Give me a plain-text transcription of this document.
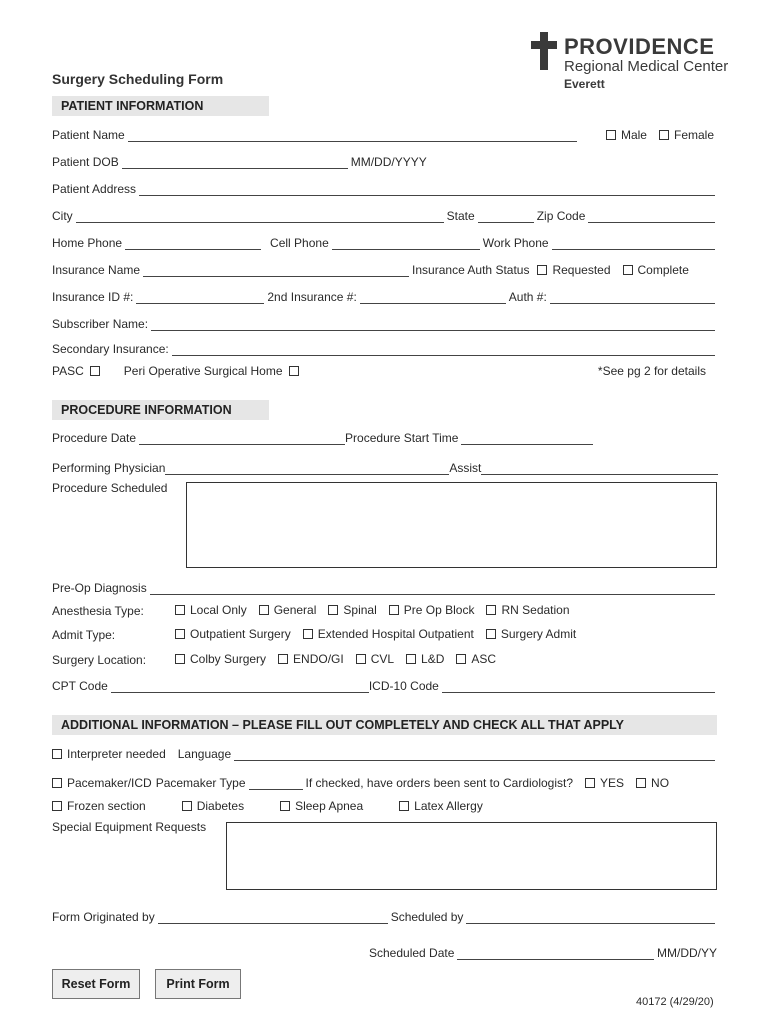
PROVIDENCE
Regional Medical Center
Everett
Surgery Scheduling Form
PATIENT INFORMATION
Patient Name	Male	Female
Patient DOB	MM/DD/YYYY
Patient Address
City	State	Zip Code
Home Phone	Cell Phone	Work Phone
Insurance Name	Insurance Auth Status	Requested	Complete
Insurance ID #:	2nd Insurance #:	Auth #:
Subscriber Name:
Secondary Insurance:
PASC	Peri Operative Surgical Home	*See pg 2 for details
PROCEDURE INFORMATION
Procedure Date	Procedure Start Time
Performing Physician	Assist
Procedure Scheduled
Pre-Op Diagnosis
Anesthesia Type:	Local Only	General	Spinal	Pre Op Block	RN Sedation
Admit Type:	Outpatient Surgery	Extended Hospital Outpatient	Surgery Admit
Surgery Location:	Colby Surgery	ENDO/GI	CVL	L&D	ASC
CPT Code	ICD-10 Code
ADDITIONAL INFORMATION – PLEASE FILL OUT COMPLETELY AND CHECK ALL THAT APPLY
Interpreter needed Language
Pacemaker/ICD Pacemaker Type	If checked, have orders been sent to Cardiologist?	YES	NO
Frozen section	Diabetes	Sleep Apnea	Latex Allergy
Special Equipment Requests
Form Originated by	Scheduled by
Scheduled Date	MM/DD/YY
Reset Form	Print Form
40172 (4/29/20)
